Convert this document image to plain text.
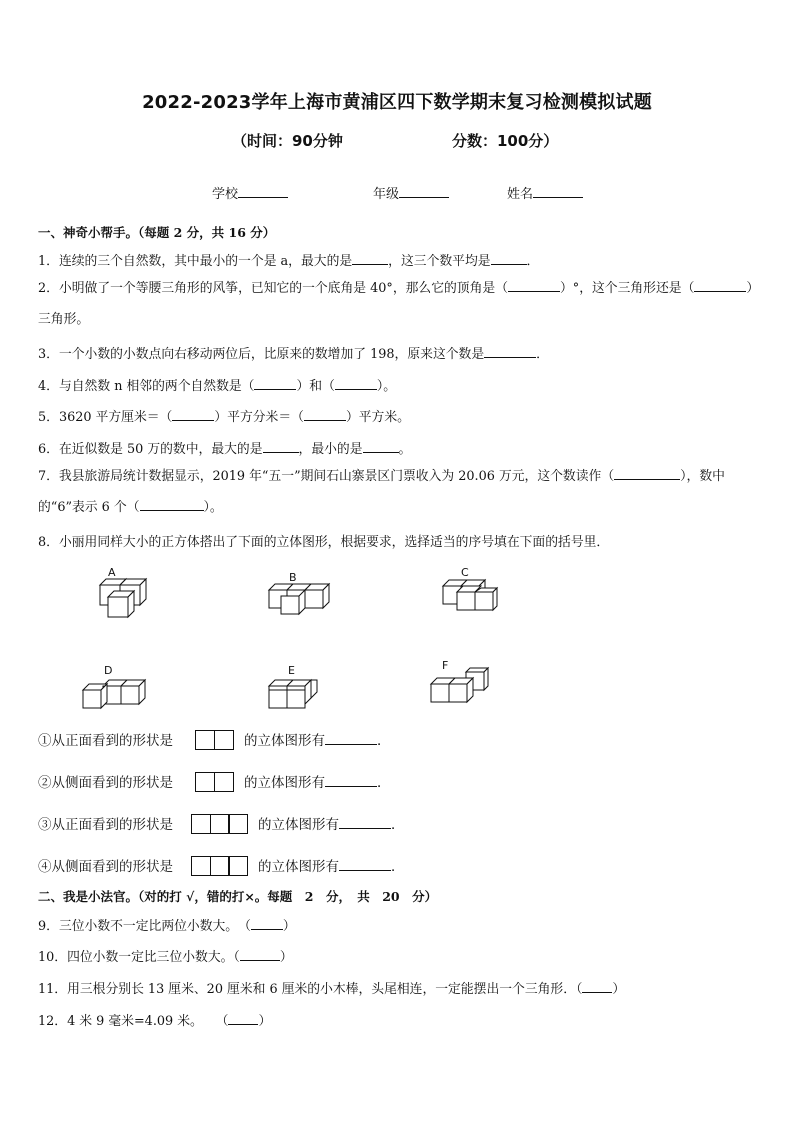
2022-2023学年上海市黄浦区四下数学期末复习检测模拟试题
（时间：90分钟	分数：100分）
学校	年级	姓名
一、神奇小帮手。（每题 2 分，共 16 分）
1．连续的三个自然数，其中最小的一个是 a，最大的是	，这三个数平均是	．
2．小明做了一个等腰三角形的风筝，已知它的一个底角是 40°，那么它的顶角是（	）°，这个三角形还是（	）三角形。
3．一个小数的小数点向右移动两位后，比原来的数增加了 198，原来这个数是	．
4．与自然数 n 相邻的两个自然数是（	）和（	）。
5．3620 平方厘米＝（	）平方分米＝（	）平方米。
6．在近似数是 50 万的数中，最大的是	，最小的是	。
7．我县旅游局统计数据显示，2019 年“五一”期间石山寨景区门票收入为 20.06 万元，这个数读作（	），数中的“6”表示 6 个（	）。
8．小丽用同样大小的正方体搭出了下面的立体图形，根据要求，选择适当的序号填在下面的括号里．
A	B	C
D	E	F
①从正面看到的形状是	的立体图形有	．
②从侧面看到的形状是	的立体图形有	．
③从正面看到的形状是	的立体图形有	．
④从侧面看到的形状是	的立体图形有	．
二、我是小法官。（对的打 √，错的打×。每题　2　分，　共　20　分）
9．三位小数不一定比两位小数大。　（	）
10．四位小数一定比三位小数大。（	）
11．用三根分别长 13 厘米、20 厘米和 6 厘米的小木棒，头尾相连，一定能摆出一个三角形．（ ）
12．4 米 9 毫米=4.09 米。　　（ ）
